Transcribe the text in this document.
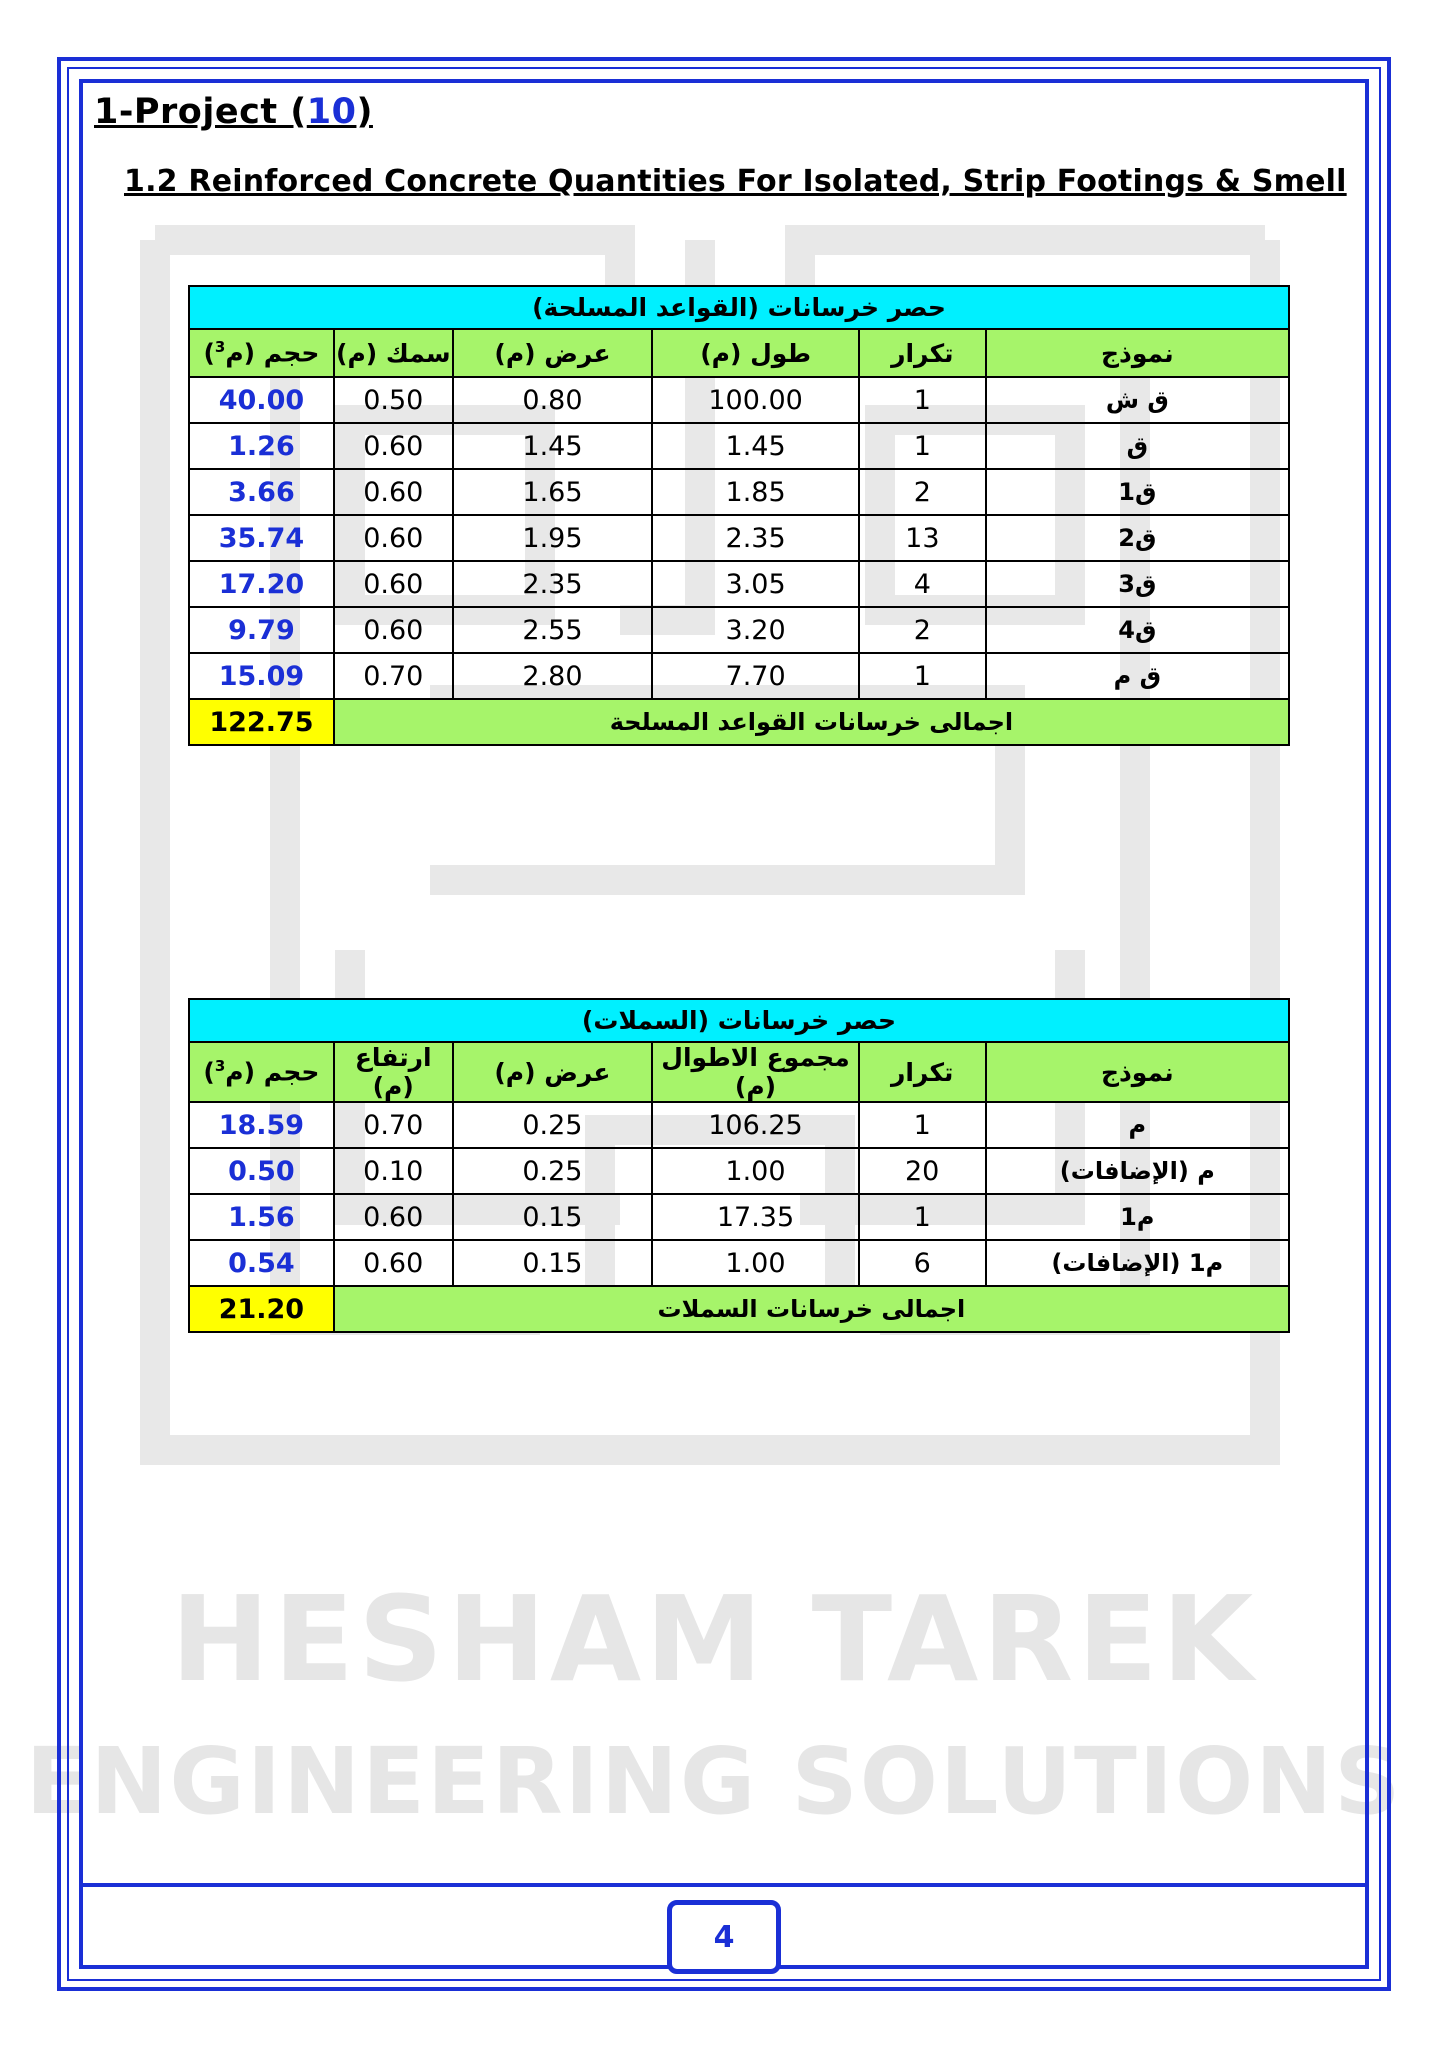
HESHAM TAREK
ENGINEERING SOLUTIONS
1-Project (10)
1.2 Reinforced Concrete Quantities For Isolated, Strip Footings & Smell
حصر خرسانات (القواعد المسلحة)					
حجم (م$^3$)	سمك (م)	عرض (م)	طول (م)	تكرار	نموذج
40.00	0.50	0.80	100.00	1	ق ش
1.26	0.60	1.45	1.45	1	ق
3.66	0.60	1.65	1.85	2	ق1
35.74	0.60	1.95	2.35	13	ق2
17.20	0.60	2.35	3.05	4	ق3
9.79	0.60	2.55	3.20	2	ق4
15.09	0.70	2.80	7.70	1	ق م
122.75	اجمالى خرسانات القواعد المسلحة				
حصر خرسانات (السملات)					
حجم (م$^3$)	ارتفاع (م)	عرض (م)	مجموع الاطوال (م)	تكرار	نموذج
18.59	0.70	0.25	106.25	1	م
0.50	0.10	0.25	1.00	20	م (الإضافات)
1.56	0.60	0.15	17.35	1	م1
0.54	0.60	0.15	1.00	6	م1 (الإضافات)
21.20	اجمالى خرسانات السملات				
4
